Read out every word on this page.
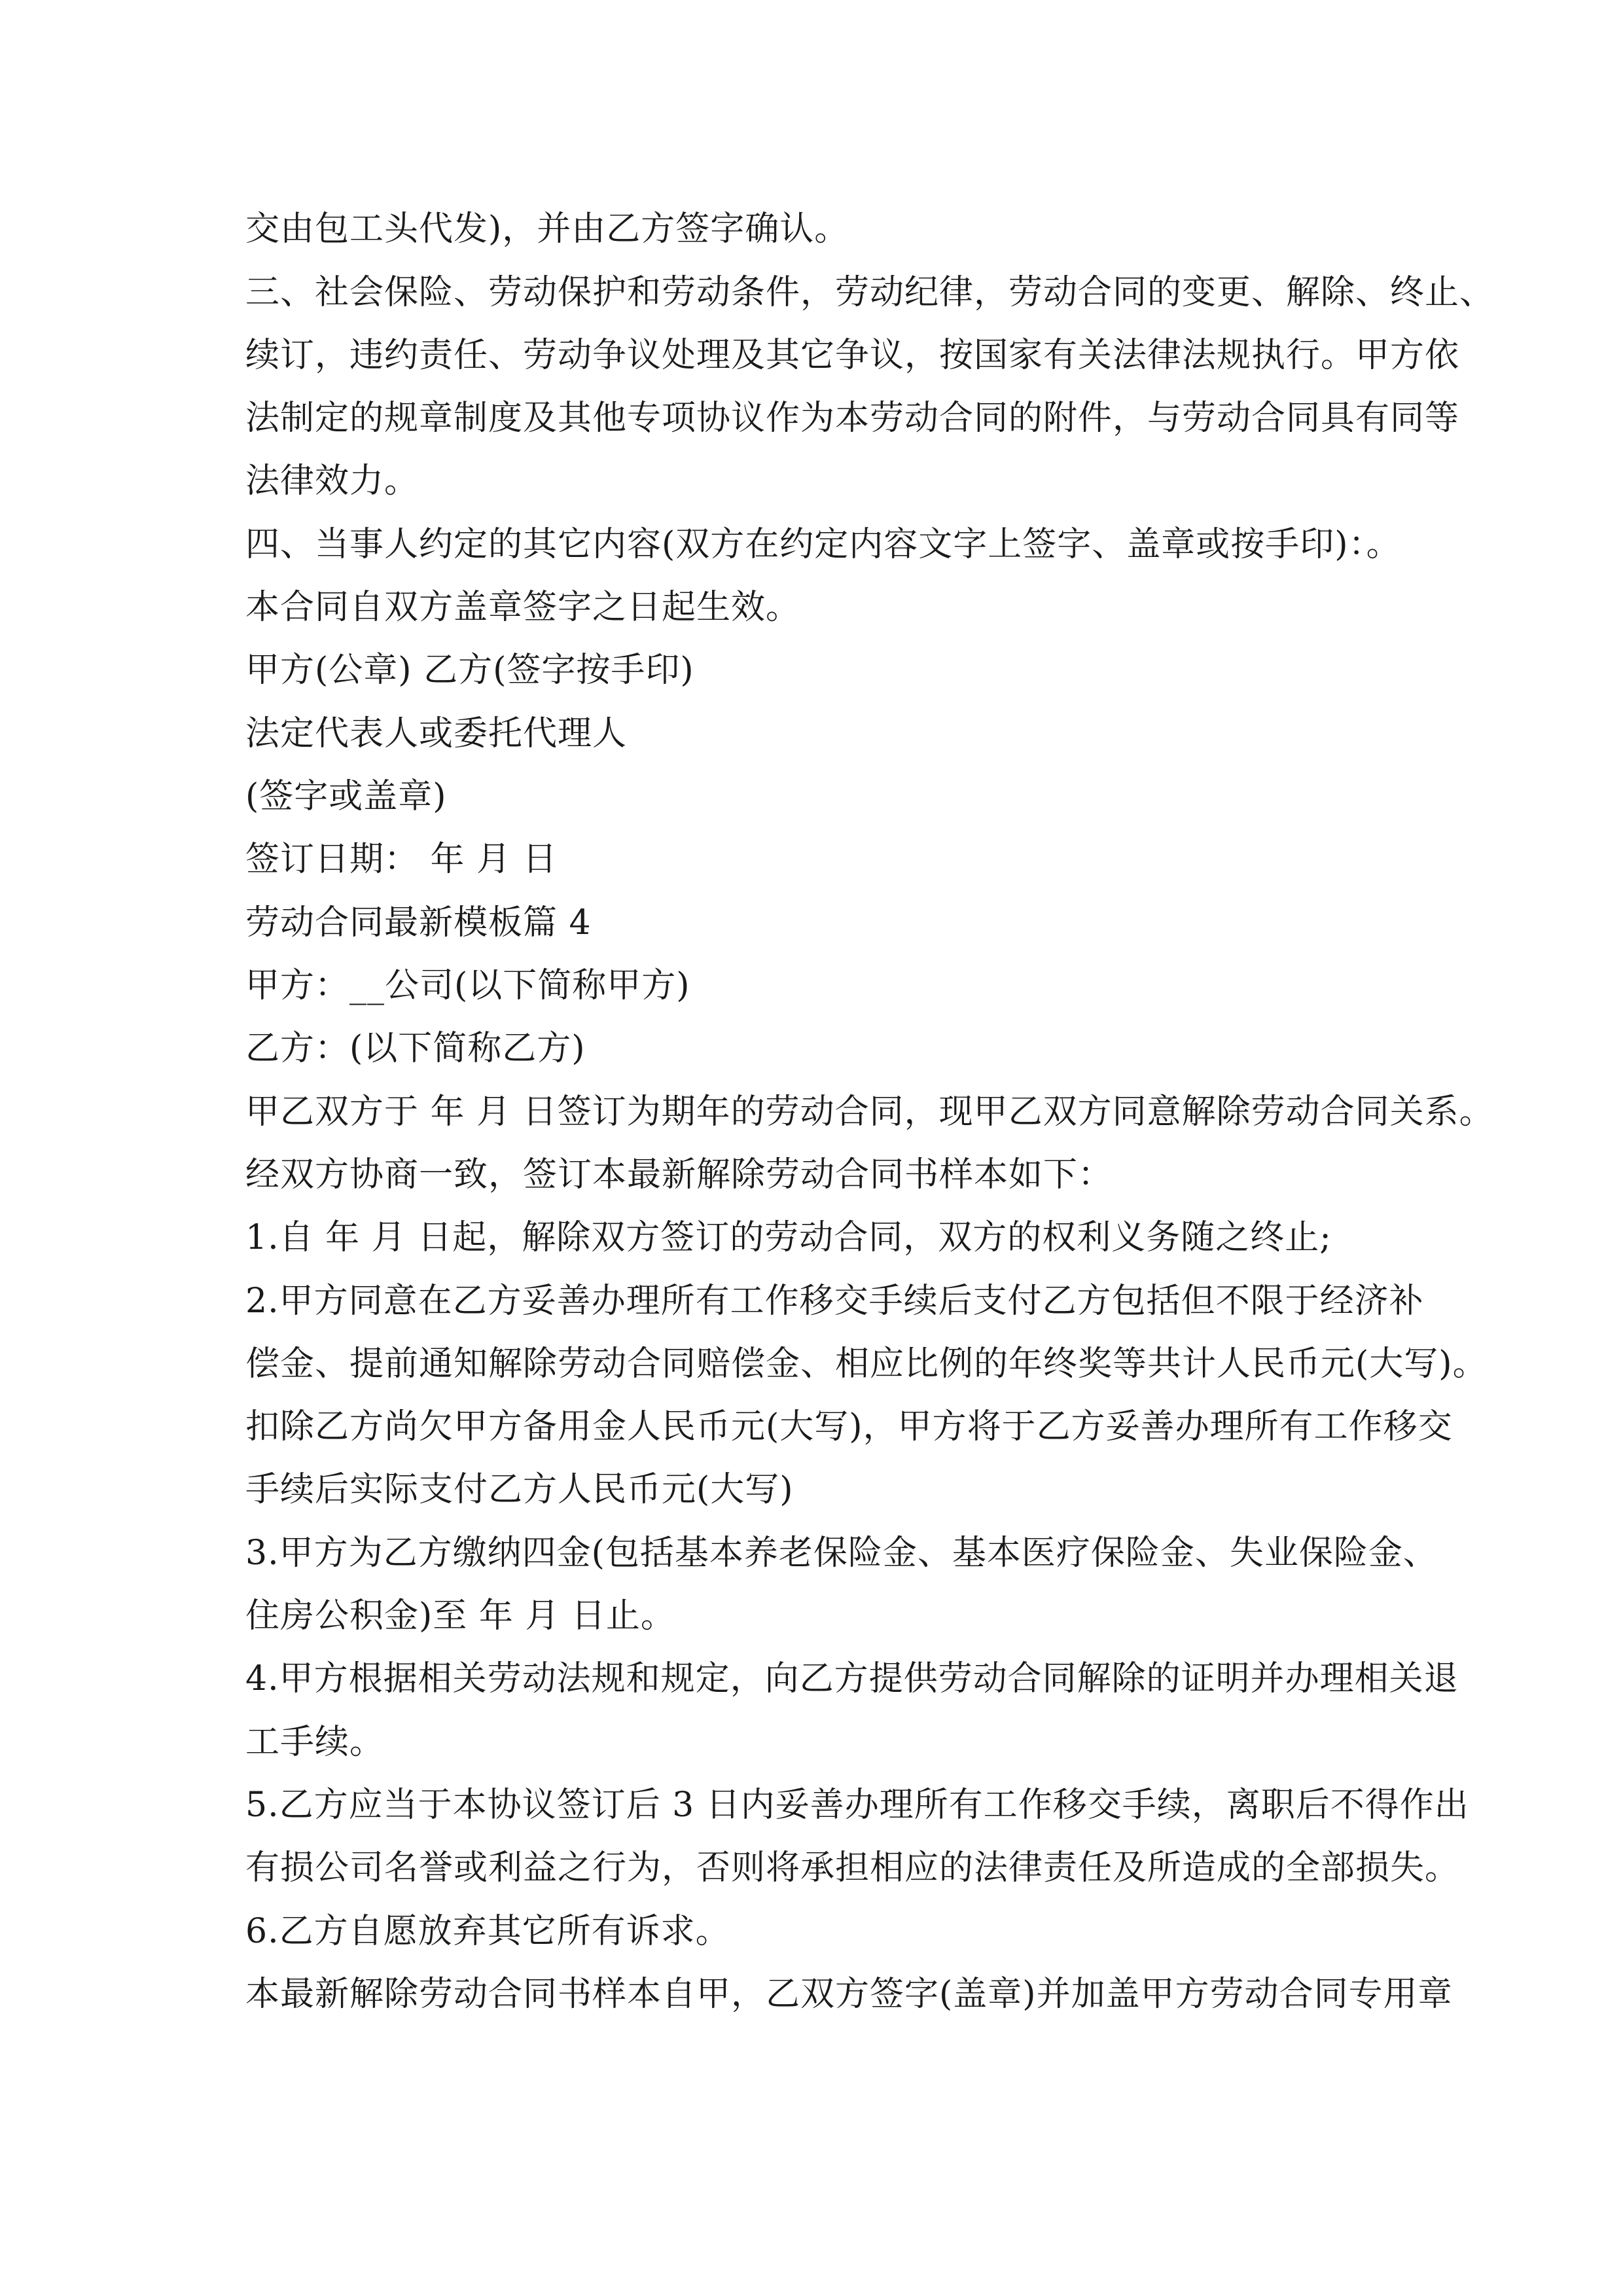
交由包工头代发)，并由乙方签字确认。
三、社会保险、劳动保护和劳动条件，劳动纪律，劳动合同的变更、解除、终止、
续订，违约责任、劳动争议处理及其它争议，按国家有关法律法规执行。甲方依
法制定的规章制度及其他专项协议作为本劳动合同的附件，与劳动合同具有同等
法律效力。
四、当事人约定的其它内容(双方在约定内容文字上签字、盖章或按手印)：。
本合同自双方盖章签字之日起生效。
甲方(公章) 乙方(签字按手印)
法定代表人或委托代理人
(签字或盖章)
签订日期： 年 月 日
劳动合同最新模板篇 4
甲方：__公司(以下简称甲方)
乙方：(以下简称乙方)
甲乙双方于 年 月 日签订为期年的劳动合同，现甲乙双方同意解除劳动合同关系。
经双方协商一致，签订本最新解除劳动合同书样本如下：
1.自 年 月 日起，解除双方签订的劳动合同，双方的权利义务随之终止;
2.甲方同意在乙方妥善办理所有工作移交手续后支付乙方包括但不限于经济补
偿金、提前通知解除劳动合同赔偿金、相应比例的年终奖等共计人民币元(大写)。
扣除乙方尚欠甲方备用金人民币元(大写)，甲方将于乙方妥善办理所有工作移交
手续后实际支付乙方人民币元(大写)
3.甲方为乙方缴纳四金(包括基本养老保险金、基本医疗保险金、失业保险金、
住房公积金)至 年 月 日止。
4.甲方根据相关劳动法规和规定，向乙方提供劳动合同解除的证明并办理相关退
工手续。
5.乙方应当于本协议签订后 3 日内妥善办理所有工作移交手续，离职后不得作出
有损公司名誉或利益之行为，否则将承担相应的法律责任及所造成的全部损失。
6.乙方自愿放弃其它所有诉求。
本最新解除劳动合同书样本自甲，乙双方签字(盖章)并加盖甲方劳动合同专用章
